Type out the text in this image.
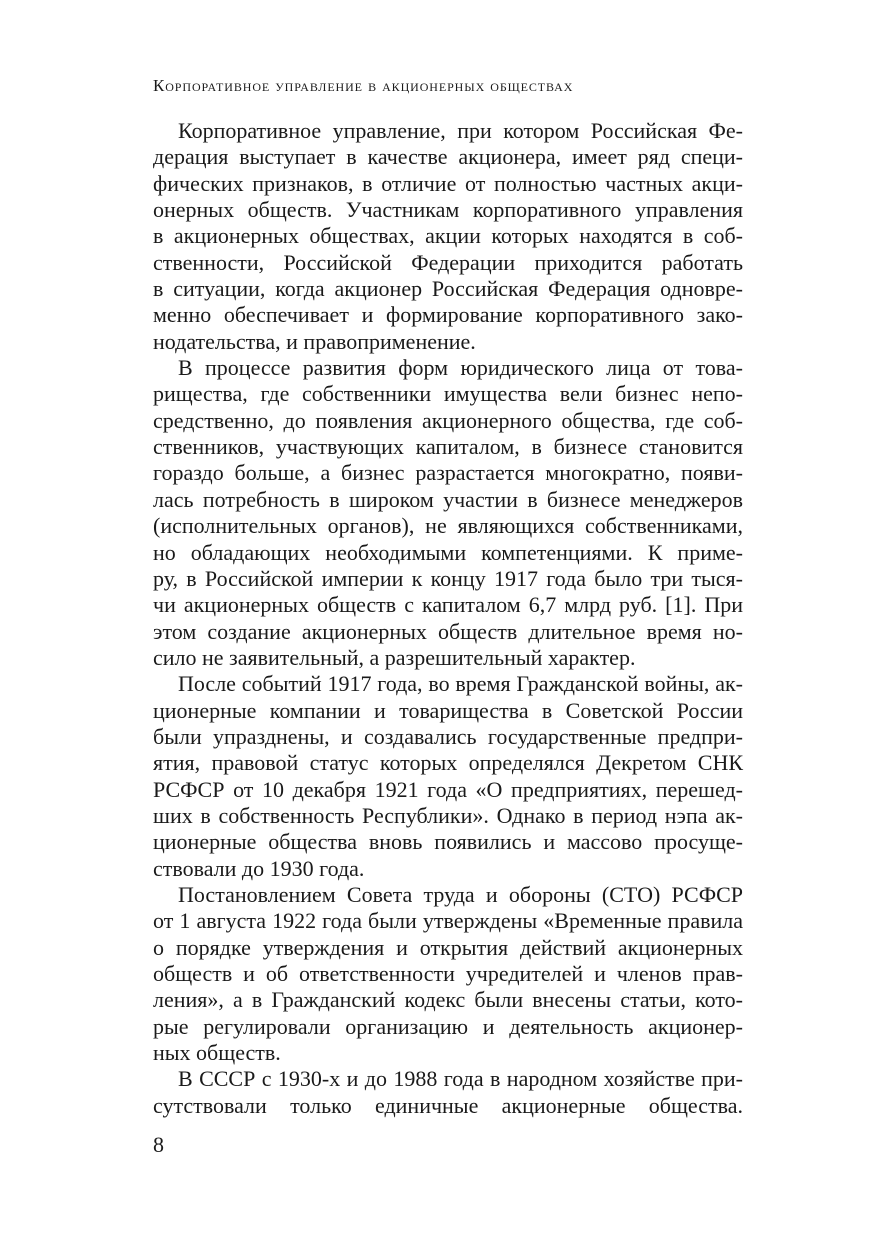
Корпоративное управление в акционерных обществах
Корпоративное управление, при котором Российская Фе-
дерация выступает в качестве акционера, имеет ряд специ-
фических признаков, в отличие от полностью частных акци-
онерных обществ. Участникам корпоративного управления
в акционерных обществах, акции которых находятся в соб-
ственности, Российской Федерации приходится работать
в ситуации, когда акционер Российская Федерация одновре-
менно обеспечивает и формирование корпоративного зако-
нодательства, и правоприменение.
В процессе развития форм юридического лица от това-
рищества, где собственники имущества вели бизнес непо-
средственно, до появления акционерного общества, где соб-
ственников, участвующих капиталом, в бизнесе становится
гораздо больше, а бизнес разрастается многократно, появи-
лась потребность в широком участии в бизнесе менеджеров
(исполнительных органов), не являющихся собственниками,
но обладающих необходимыми компетенциями. К приме-
ру, в Российской империи к концу 1917 года было три тыся-
чи акционерных обществ с капиталом 6,7 млрд руб. [1]. При
этом создание акционерных обществ длительное время но-
сило не заявительный, а разрешительный характер.
После событий 1917 года, во время Гражданской войны, ак-
ционерные компании и товарищества в Советской России
были упразднены, и создавались государственные предпри-
ятия, правовой статус которых определялся Декретом СНК
РСФСР от 10 декабря 1921 года «О предприятиях, перешед-
ших в собственность Республики». Однако в период нэпа ак-
ционерные общества вновь появились и массово просуще-
ствовали до 1930 года.
Постановлением Совета труда и обороны (СТО) РСФСР
от 1 августа 1922 года были утверждены «Временные правила
о порядке утверждения и открытия действий акционерных
обществ и об ответственности учредителей и членов прав-
ления», а в Гражданский кодекс были внесены статьи, кото-
рые регулировали организацию и деятельность акционер-
ных обществ.
В СССР с 1930-х и до 1988 года в народном хозяйстве при-
сутствовали только единичные акционерные общества.
8
